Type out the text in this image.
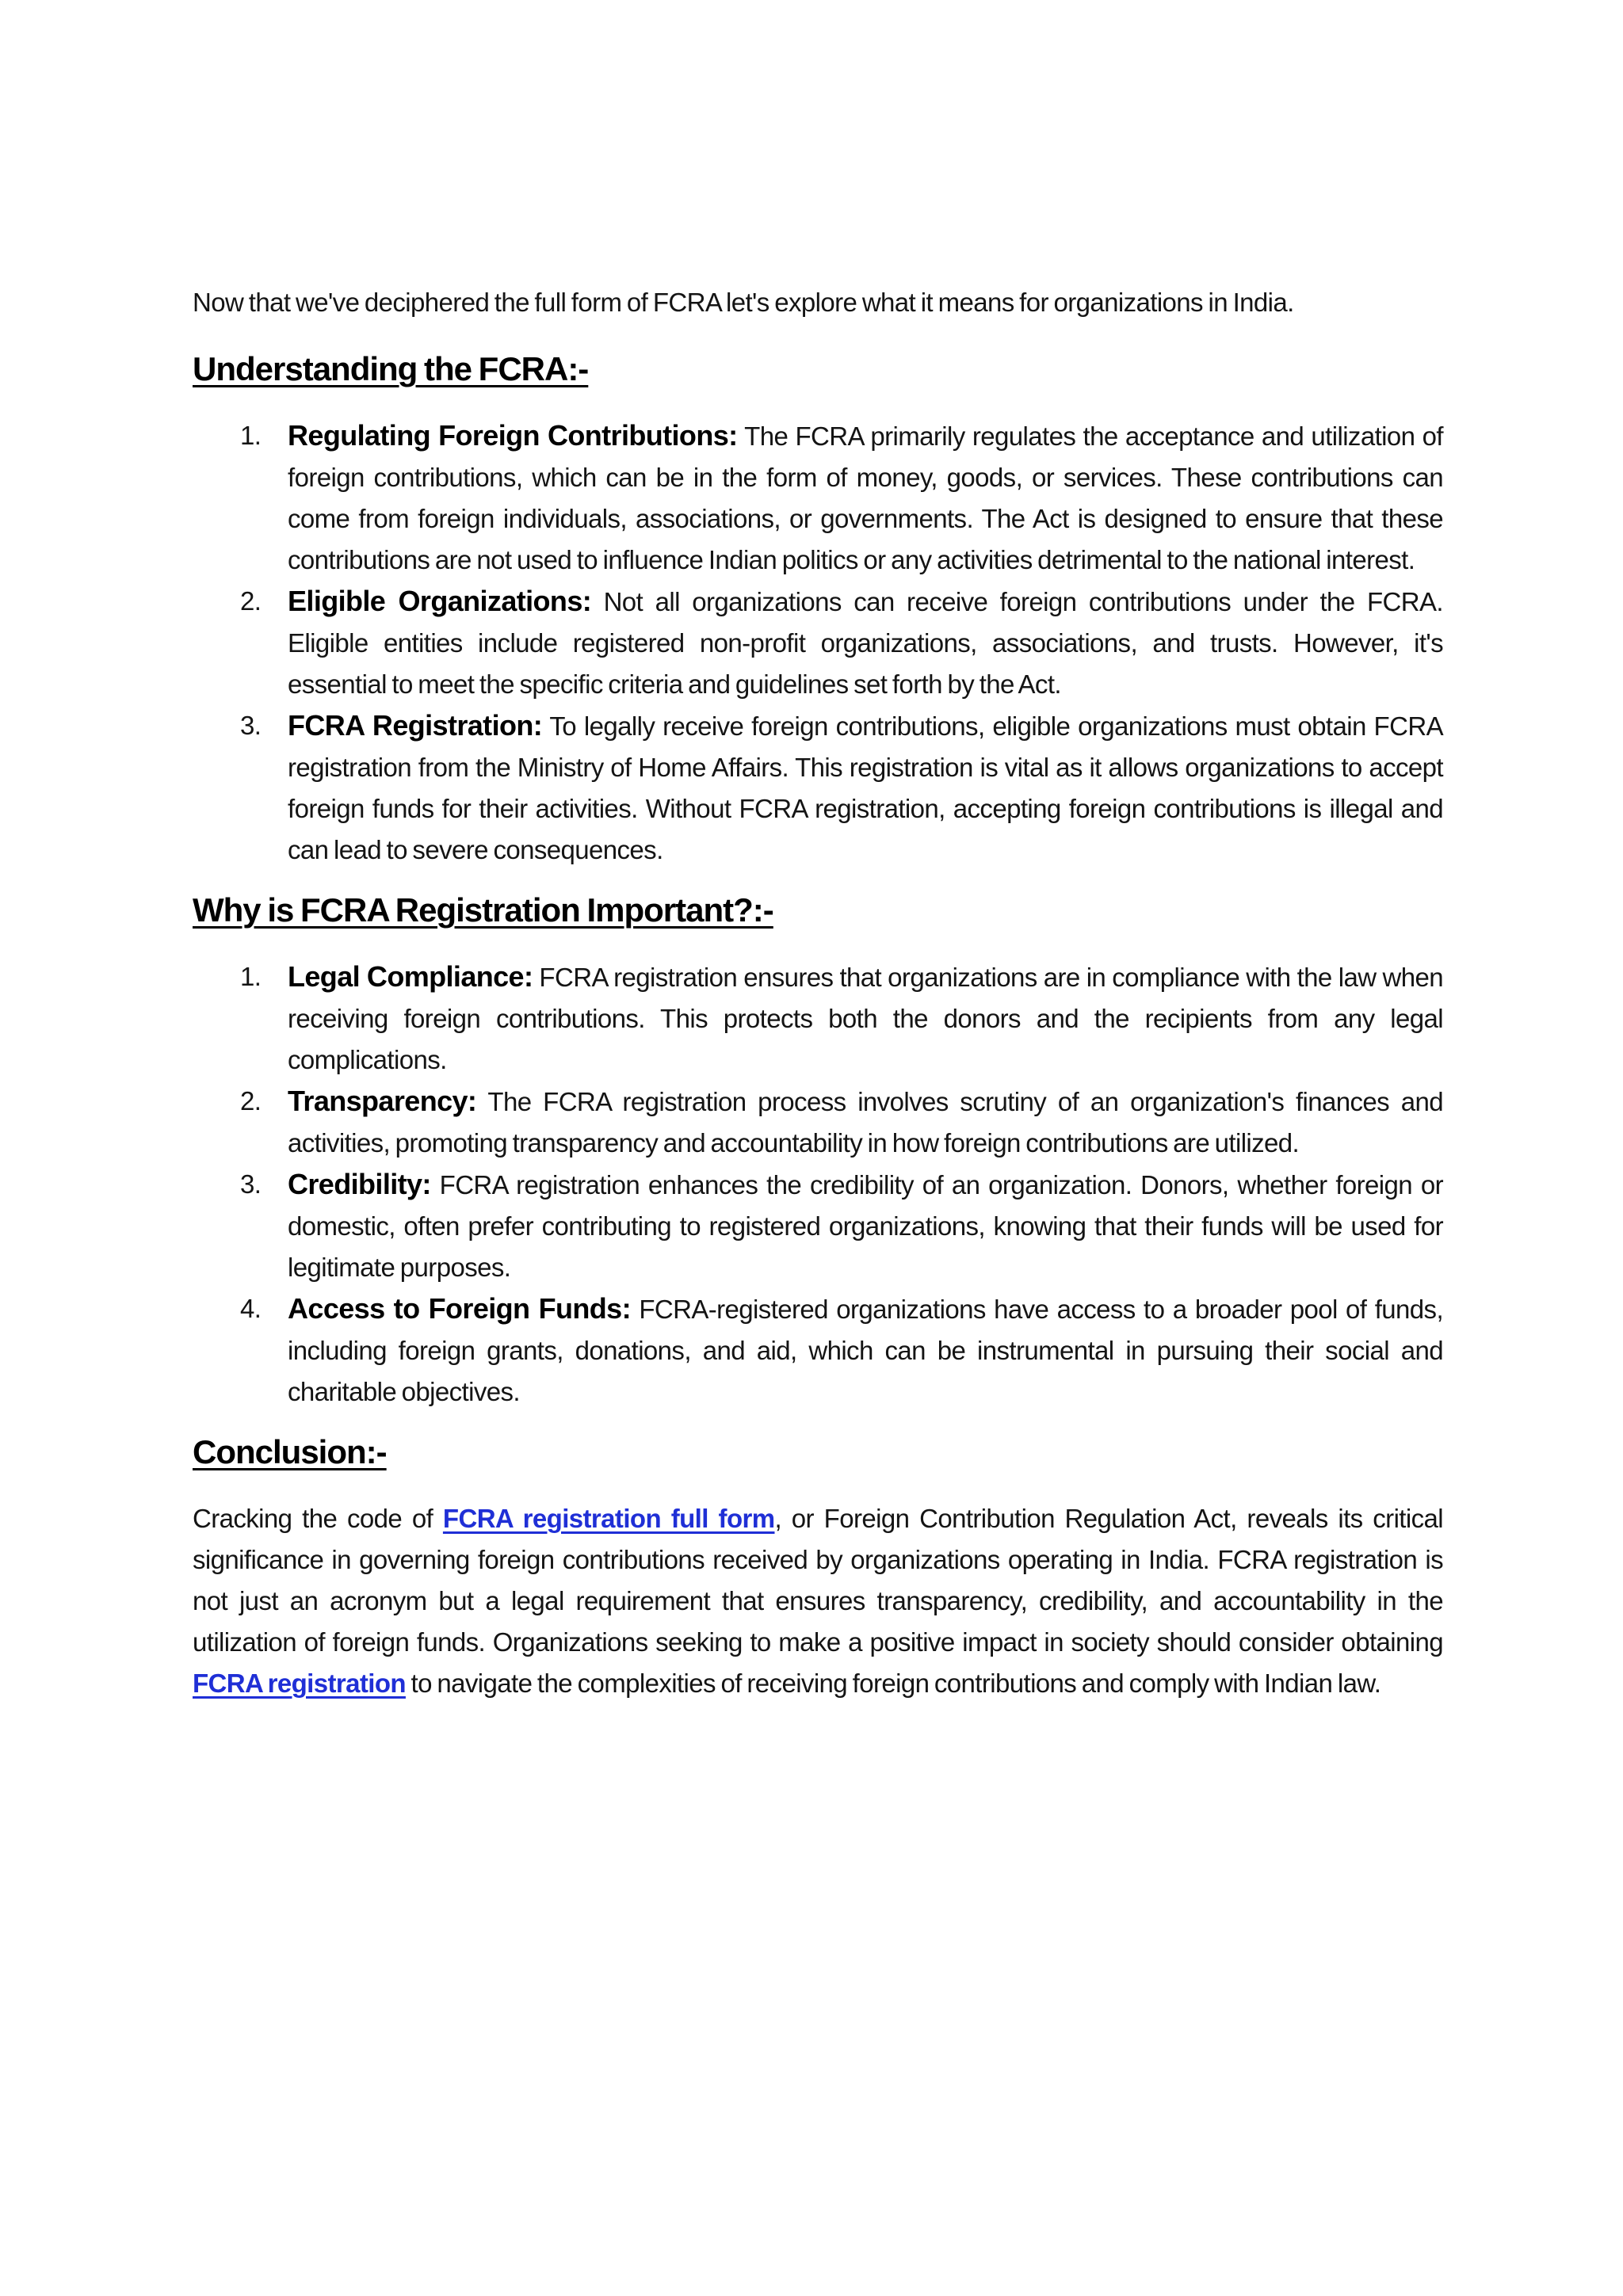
Now that we've deciphered the full form of FCRA let's explore what it means for organizations in India.

Understanding the FCRA:-
1. Regulating Foreign Contributions: The FCRA primarily regulates the acceptance and utilization of foreign contributions, which can be in the form of money, goods, or services. These contributions can come from foreign individuals, associations, or governments. The Act is designed to ensure that these contributions are not used to influence Indian politics or any activities detrimental to the national interest.
2. Eligible Organizations: Not all organizations can receive foreign contributions under the FCRA. Eligible entities include registered non-profit organizations, associations, and trusts. However, it's essential to meet the specific criteria and guidelines set forth by the Act.
3. FCRA Registration: To legally receive foreign contributions, eligible organizations must obtain FCRA registration from the Ministry of Home Affairs. This registration is vital as it allows organizations to accept foreign funds for their activities. Without FCRA registration, accepting foreign contributions is illegal and can lead to severe consequences.
Why is FCRA Registration Important?:-
1. Legal Compliance: FCRA registration ensures that organizations are in compliance with the law when receiving foreign contributions. This protects both the donors and the recipients from any legal complications.
2. Transparency: The FCRA registration process involves scrutiny of an organization's finances and activities, promoting transparency and accountability in how foreign contributions are utilized.
3. Credibility: FCRA registration enhances the credibility of an organization. Donors, whether foreign or domestic, often prefer contributing to registered organizations, knowing that their funds will be used for legitimate purposes.
4. Access to Foreign Funds: FCRA-registered organizations have access to a broader pool of funds, including foreign grants, donations, and aid, which can be instrumental in pursuing their social and charitable objectives.
Conclusion:-

Cracking the code of FCRA registration full form, or Foreign Contribution Regulation Act, reveals its critical significance in governing foreign contributions received by organizations operating in India. FCRA registration is not just an acronym but a legal requirement that ensures transparency, credibility, and accountability in the utilization of foreign funds. Organizations seeking to make a positive impact in society should consider obtaining FCRA registration to navigate the complexities of receiving foreign contributions and comply with Indian law.
